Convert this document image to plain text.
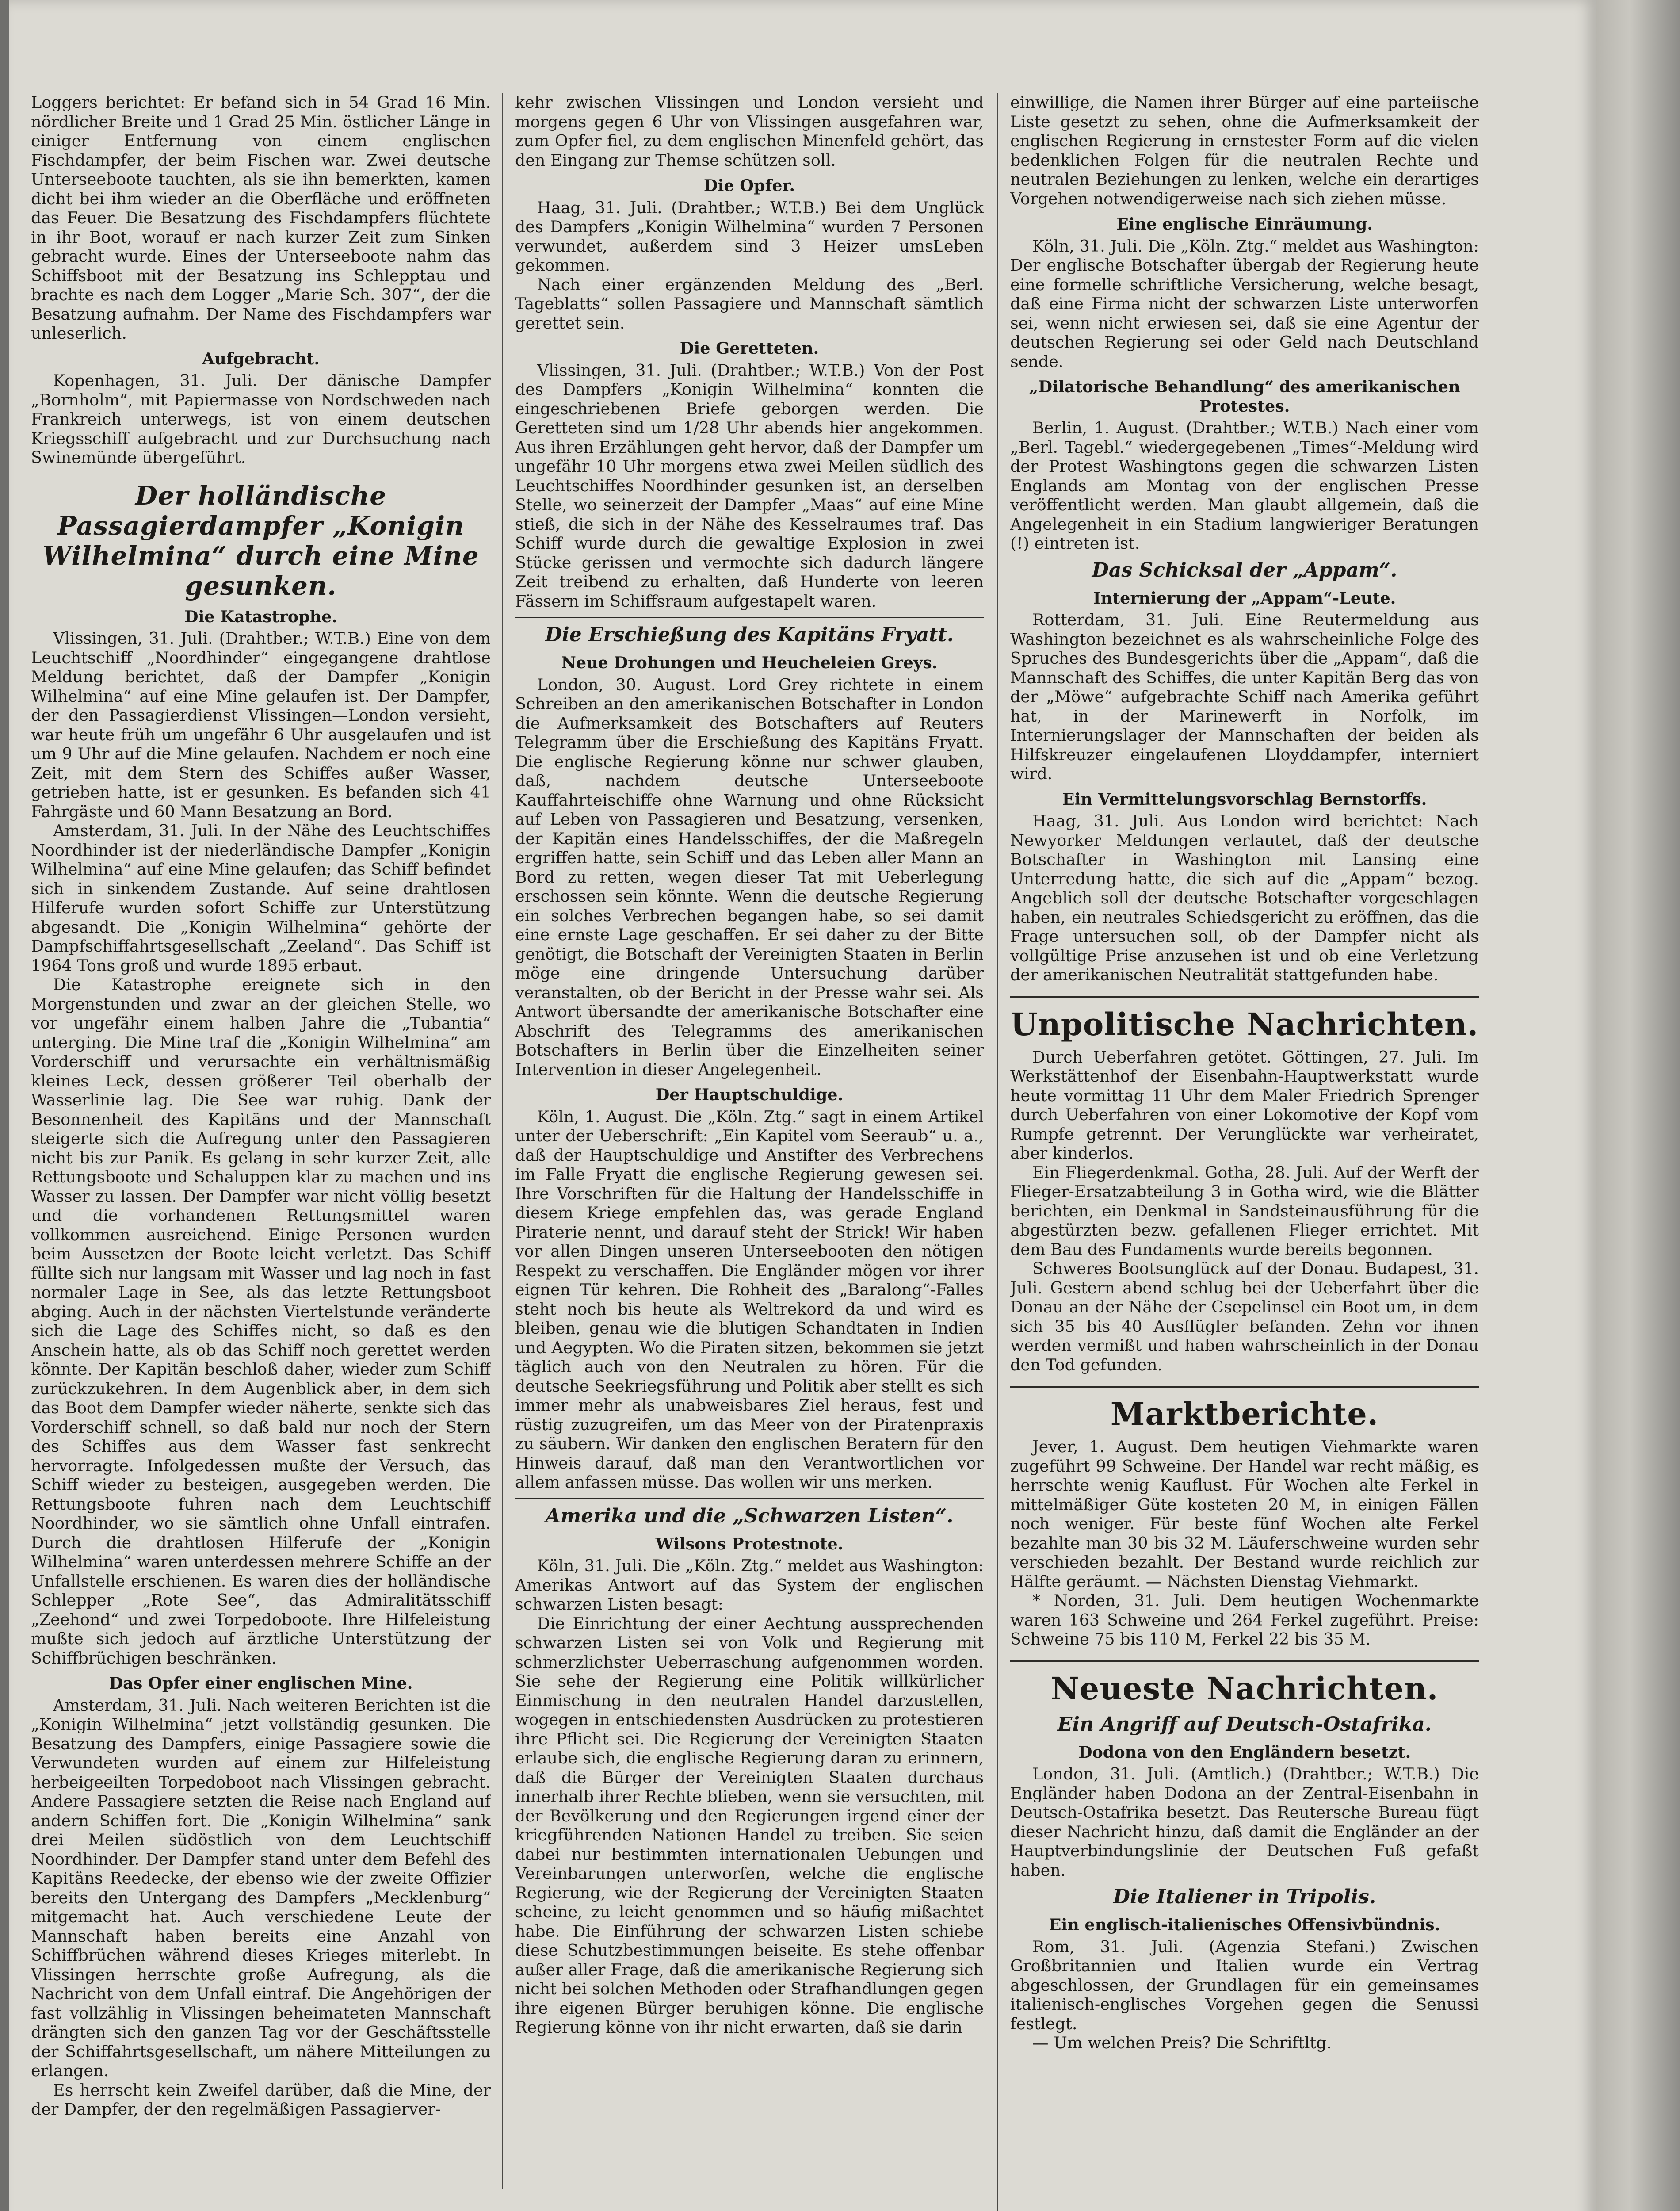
Loggers berichtet: Er befand sich in 54 Grad 16 Min. nördlicher Breite und 1 Grad 25 Min. östlicher Länge in einiger Entfernung von einem englischen Fischdampfer, der beim Fischen war. Zwei deutsche Unterseeboote tauchten, als sie ihn bemerkten, kamen dicht bei ihm wieder an die Oberfläche und eröffneten das Feuer. Die Besatzung des Fischdampfers flüchtete in ihr Boot, worauf er nach kurzer Zeit zum Sinken gebracht wurde. Eines der Unterseeboote nahm das Schiffsboot mit der Besatzung ins Schlepptau und brachte es nach dem Logger „Marie Sch. 307“, der die Besatzung aufnahm. Der Name des Fischdampfers war unleserlich.

Aufgebracht.

Kopenhagen, 31. Juli. Der dänische Dampfer „Bornholm“, mit Papiermasse von Nordschweden nach Frankreich unterwegs, ist von einem deutschen Kriegsschiff aufgebracht und zur Durchsuchung nach Swinemünde übergeführt.

Der holländische Passagierdampfer „Konigin Wilhelmina“ durch eine Mine gesunken.
Die Katastrophe.

Vlissingen, 31. Juli. (Drahtber.; W.T.B.) Eine von dem Leuchtschiff „Noordhinder“ eingegangene drahtlose Meldung berichtet, daß der Dampfer „Konigin Wilhelmina“ auf eine Mine gelaufen ist. Der Dampfer, der den Passagierdienst Vlissingen—London versieht, war heute früh um ungefähr 6 Uhr ausgelaufen und ist um 9 Uhr auf die Mine gelaufen. Nachdem er noch eine Zeit, mit dem Stern des Schiffes außer Wasser, getrieben hatte, ist er gesunken. Es befanden sich 41 Fahrgäste und 60 Mann Besatzung an Bord.

Amsterdam, 31. Juli. In der Nähe des Leuchtschiffes Noordhinder ist der niederländische Dampfer „Konigin Wilhelmina“ auf eine Mine gelaufen; das Schiff befindet sich in sinkendem Zustande. Auf seine drahtlosen Hilferufe wurden sofort Schiffe zur Unterstützung abgesandt. Die „Konigin Wilhelmina“ gehörte der Dampfschiffahrtsgesellschaft „Zeeland“. Das Schiff ist 1964 Tons groß und wurde 1895 erbaut.

Die Katastrophe ereignete sich in den Morgenstunden und zwar an der gleichen Stelle, wo vor ungefähr einem halben Jahre die „Tubantia“ unterging. Die Mine traf die „Konigin Wilhelmina“ am Vorderschiff und verursachte ein verhältnismäßig kleines Leck, dessen größerer Teil oberhalb der Wasserlinie lag. Die See war ruhig. Dank der Besonnenheit des Kapitäns und der Mannschaft steigerte sich die Aufregung unter den Passagieren nicht bis zur Panik. Es gelang in sehr kurzer Zeit, alle Rettungsboote und Schaluppen klar zu machen und ins Wasser zu lassen. Der Dampfer war nicht völlig besetzt und die vorhandenen Rettungsmittel waren vollkommen ausreichend. Einige Personen wurden beim Aussetzen der Boote leicht verletzt. Das Schiff füllte sich nur langsam mit Wasser und lag noch in fast normaler Lage in See, als das letzte Rettungsboot abging. Auch in der nächsten Viertelstunde veränderte sich die Lage des Schiffes nicht, so daß es den Anschein hatte, als ob das Schiff noch gerettet werden könnte. Der Kapitän beschloß daher, wieder zum Schiff zurückzukehren. In dem Augenblick aber, in dem sich das Boot dem Dampfer wieder näherte, senkte sich das Vorderschiff schnell, so daß bald nur noch der Stern des Schiffes aus dem Wasser fast senkrecht hervorragte. Infolgedessen mußte der Versuch, das Schiff wieder zu besteigen, ausgegeben werden. Die Rettungsboote fuhren nach dem Leuchtschiff Noordhinder, wo sie sämtlich ohne Unfall eintrafen. Durch die drahtlosen Hilferufe der „Konigin Wilhelmina“ waren unterdessen mehrere Schiffe an der Unfallstelle erschienen. Es waren dies der holländische Schlepper „Rote See“, das Admiralitätsschiff „Zeehond“ und zwei Torpedoboote. Ihre Hilfeleistung mußte sich jedoch auf ärztliche Unterstützung der Schiffbrüchigen beschränken.

Das Opfer einer englischen Mine.

Amsterdam, 31. Juli. Nach weiteren Berichten ist die „Konigin Wilhelmina“ jetzt vollständig gesunken. Die Besatzung des Dampfers, einige Passagiere sowie die Verwundeten wurden auf einem zur Hilfeleistung herbeigeeilten Torpedoboot nach Vlissingen gebracht. Andere Passagiere setzten die Reise nach England auf andern Schiffen fort. Die „Konigin Wilhelmina“ sank drei Meilen südöstlich von dem Leuchtschiff Noordhinder. Der Dampfer stand unter dem Befehl des Kapitäns Reedecke, der ebenso wie der zweite Offizier bereits den Untergang des Dampfers „Mecklenburg“ mitgemacht hat. Auch verschiedene Leute der Mannschaft haben bereits eine Anzahl von Schiffbrüchen während dieses Krieges miterlebt. In Vlissingen herrschte große Aufregung, als die Nachricht von dem Unfall eintraf. Die Angehörigen der fast vollzählig in Vlissingen beheimateten Mannschaft drängten sich den ganzen Tag vor der Geschäftsstelle der Schiffahrtsgesellschaft, um nähere Mitteilungen zu erlangen.

Es herrscht kein Zweifel darüber, daß die Mine, der der Dampfer, der den regelmäßigen Passagierver-

kehr zwischen Vlissingen und London versieht und morgens gegen 6 Uhr von Vlissingen ausgefahren war, zum Opfer fiel, zu dem englischen Minenfeld gehört, das den Eingang zur Themse schützen soll.

Die Opfer.

Haag, 31. Juli. (Drahtber.; W.T.B.) Bei dem Unglück des Dampfers „Konigin Wilhelmina“ wurden 7 Personen verwundet, außerdem sind 3 Heizer umsLeben gekommen.

Nach einer ergänzenden Meldung des „Berl. Tageblatts“ sollen Passagiere und Mannschaft sämtlich gerettet sein.

Die Geretteten.

Vlissingen, 31. Juli. (Drahtber.; W.T.B.) Von der Post des Dampfers „Konigin Wilhelmina“ konnten die eingeschriebenen Briefe geborgen werden. Die Geretteten sind um 1/28 Uhr abends hier angekommen. Aus ihren Erzählungen geht hervor, daß der Dampfer um ungefähr 10 Uhr morgens etwa zwei Meilen südlich des Leuchtschiffes Noordhinder gesunken ist, an derselben Stelle, wo seinerzeit der Dampfer „Maas“ auf eine Mine stieß, die sich in der Nähe des Kesselraumes traf. Das Schiff wurde durch die gewaltige Explosion in zwei Stücke gerissen und vermochte sich dadurch längere Zeit treibend zu erhalten, daß Hunderte von leeren Fässern im Schiffsraum aufgestapelt waren.

Die Erschießung des Kapitäns Fryatt.
Neue Drohungen und Heucheleien Greys.

London, 30. August. Lord Grey richtete in einem Schreiben an den amerikanischen Botschafter in London die Aufmerksamkeit des Botschafters auf Reuters Telegramm über die Erschießung des Kapitäns Fryatt. Die englische Regierung könne nur schwer glauben, daß, nachdem deutsche Unterseeboote Kauffahrteischiffe ohne Warnung und ohne Rücksicht auf Leben von Passagieren und Besatzung, versenken, der Kapitän eines Handelsschiffes, der die Maßregeln ergriffen hatte, sein Schiff und das Leben aller Mann an Bord zu retten, wegen dieser Tat mit Ueberlegung erschossen sein könnte. Wenn die deutsche Regierung ein solches Verbrechen begangen habe, so sei damit eine ernste Lage geschaffen. Er sei daher zu der Bitte genötigt, die Botschaft der Vereinigten Staaten in Berlin möge eine dringende Untersuchung darüber veranstalten, ob der Bericht in der Presse wahr sei. Als Antwort übersandte der amerikanische Botschafter eine Abschrift des Telegramms des amerikanischen Botschafters in Berlin über die Einzelheiten seiner Intervention in dieser Angelegenheit.

Der Hauptschuldige.

Köln, 1. August. Die „Köln. Ztg.“ sagt in einem Artikel unter der Ueberschrift: „Ein Kapitel vom Seeraub“ u. a., daß der Hauptschuldige und Anstifter des Verbrechens im Falle Fryatt die englische Regierung gewesen sei. Ihre Vorschriften für die Haltung der Handelsschiffe in diesem Kriege empfehlen das, was gerade England Piraterie nennt, und darauf steht der Strick! Wir haben vor allen Dingen unseren Unterseebooten den nötigen Respekt zu verschaffen. Die Engländer mögen vor ihrer eignen Tür kehren. Die Rohheit des „Baralong“-Falles steht noch bis heute als Weltrekord da und wird es bleiben, genau wie die blutigen Schandtaten in Indien und Aegypten. Wo die Piraten sitzen, bekommen sie jetzt täglich auch von den Neutralen zu hören. Für die deutsche Seekriegsführung und Politik aber stellt es sich immer mehr als unabweisbares Ziel heraus, fest und rüstig zuzugreifen, um das Meer von der Piratenpraxis zu säubern. Wir danken den englischen Beratern für den Hinweis darauf, daß man den Verantwortlichen vor allem anfassen müsse. Das wollen wir uns merken.

Amerika und die „Schwarzen Listen“.
Wilsons Protestnote.

Köln, 31. Juli. Die „Köln. Ztg.“ meldet aus Washington: Amerikas Antwort auf das System der englischen schwarzen Listen besagt:

Die Einrichtung der einer Aechtung aussprechenden schwarzen Listen sei von Volk und Regierung mit schmerzlichster Ueberraschung aufgenommen worden. Sie sehe der Regierung eine Politik willkürlicher Einmischung in den neutralen Handel darzustellen, wogegen in entschiedensten Ausdrücken zu protestieren ihre Pflicht sei. Die Regierung der Vereinigten Staaten erlaube sich, die englische Regierung daran zu erinnern, daß die Bürger der Vereinigten Staaten durchaus innerhalb ihrer Rechte blieben, wenn sie versuchten, mit der Bevölkerung und den Regierungen irgend einer der kriegführenden Nationen Handel zu treiben. Sie seien dabei nur bestimmten internationalen Uebungen und Vereinbarungen unterworfen, welche die englische Regierung, wie der Regierung der Vereinigten Staaten scheine, zu leicht genommen und so häufig mißachtet habe. Die Einführung der schwarzen Listen schiebe diese Schutzbestimmungen beiseite. Es stehe offenbar außer aller Frage, daß die amerikanische Regierung sich nicht bei solchen Methoden oder Strafhandlungen gegen ihre eigenen Bürger beruhigen könne. Die englische Regierung könne von ihr nicht erwarten, daß sie darin

einwillige, die Namen ihrer Bürger auf eine parteiische Liste gesetzt zu sehen, ohne die Aufmerksamkeit der englischen Regierung in ernstester Form auf die vielen bedenklichen Folgen für die neutralen Rechte und neutralen Beziehungen zu lenken, welche ein derartiges Vorgehen notwendigerweise nach sich ziehen müsse.

Eine englische Einräumung.

Köln, 31. Juli. Die „Köln. Ztg.“ meldet aus Washington: Der englische Botschafter übergab der Regierung heute eine formelle schriftliche Versicherung, welche besagt, daß eine Firma nicht der schwarzen Liste unterworfen sei, wenn nicht erwiesen sei, daß sie eine Agentur der deutschen Regierung sei oder Geld nach Deutschland sende.

„Dilatorische Behandlung“ des amerikanischen Protestes.

Berlin, 1. August. (Drahtber.; W.T.B.) Nach einer vom „Berl. Tagebl.“ wiedergegebenen „Times“-Meldung wird der Protest Washingtons gegen die schwarzen Listen Englands am Montag von der englischen Presse veröffentlicht werden. Man glaubt allgemein, daß die Angelegenheit in ein Stadium langwieriger Beratungen (!) eintreten ist.

Das Schicksal der „Appam“.
Internierung der „Appam“-Leute.

Rotterdam, 31. Juli. Eine Reutermeldung aus Washington bezeichnet es als wahrscheinliche Folge des Spruches des Bundesgerichts über die „Appam“, daß die Mannschaft des Schiffes, die unter Kapitän Berg das von der „Möwe“ aufgebrachte Schiff nach Amerika geführt hat, in der Marinewerft in Norfolk, im Internierungslager der Mannschaften der beiden als Hilfskreuzer eingelaufenen Lloyddampfer, interniert wird.

Ein Vermittelungsvorschlag Bernstorffs.

Haag, 31. Juli. Aus London wird berichtet: Nach Newyorker Meldungen verlautet, daß der deutsche Botschafter in Washington mit Lansing eine Unterredung hatte, die sich auf die „Appam“ bezog. Angeblich soll der deutsche Botschafter vorgeschlagen haben, ein neutrales Schiedsgericht zu eröffnen, das die Frage untersuchen soll, ob der Dampfer nicht als vollgültige Prise anzusehen ist und ob eine Verletzung der amerikanischen Neutralität stattgefunden habe.

Unpolitische Nachrichten.

Durch Ueberfahren getötet. Göttingen, 27. Juli. Im Werkstättenhof der Eisenbahn-Hauptwerkstatt wurde heute vormittag 11 Uhr dem Maler Friedrich Sprenger durch Ueberfahren von einer Lokomotive der Kopf vom Rumpfe getrennt. Der Verunglückte war verheiratet, aber kinderlos.

Ein Fliegerdenkmal. Gotha, 28. Juli. Auf der Werft der Flieger-Ersatzabteilung 3 in Gotha wird, wie die Blätter berichten, ein Denkmal in Sandsteinausführung für die abgestürzten bezw. gefallenen Flieger errichtet. Mit dem Bau des Fundaments wurde bereits begonnen.

Schweres Bootsunglück auf der Donau. Budapest, 31. Juli. Gestern abend schlug bei der Ueberfahrt über die Donau an der Nähe der Csepelinsel ein Boot um, in dem sich 35 bis 40 Ausflügler befanden. Zehn vor ihnen werden vermißt und haben wahrscheinlich in der Donau den Tod gefunden.

Marktberichte.

Jever, 1. August. Dem heutigen Viehmarkte waren zugeführt 99 Schweine. Der Handel war recht mäßig, es herrschte wenig Kauflust. Für Wochen alte Ferkel in mittelmäßiger Güte kosteten 20 M, in einigen Fällen noch weniger. Für beste fünf Wochen alte Ferkel bezahlte man 30 bis 32 M. Läuferschweine wurden sehr verschieden bezahlt. Der Bestand wurde reichlich zur Hälfte geräumt. — Nächsten Dienstag Viehmarkt.

* Norden, 31. Juli. Dem heutigen Wochenmarkte waren 163 Schweine und 264 Ferkel zugeführt. Preise: Schweine 75 bis 110 M, Ferkel 22 bis 35 M.

Neueste Nachrichten.
Ein Angriff auf Deutsch-Ostafrika.
Dodona von den Engländern besetzt.

London, 31. Juli. (Amtlich.) (Drahtber.; W.T.B.) Die Engländer haben Dodona an der Zentral-Eisenbahn in Deutsch-Ostafrika besetzt. Das Reutersche Bureau fügt dieser Nachricht hinzu, daß damit die Engländer an der Hauptverbindungslinie der Deutschen Fuß gefaßt haben.

Die Italiener in Tripolis.
Ein englisch-italienisches Offensivbündnis.

Rom, 31. Juli. (Agenzia Stefani.) Zwischen Großbritannien und Italien wurde ein Vertrag abgeschlossen, der Grundlagen für ein gemeinsames italienisch-englisches Vorgehen gegen die Senussi festlegt.

— Um welchen Preis? Die Schriftltg.
